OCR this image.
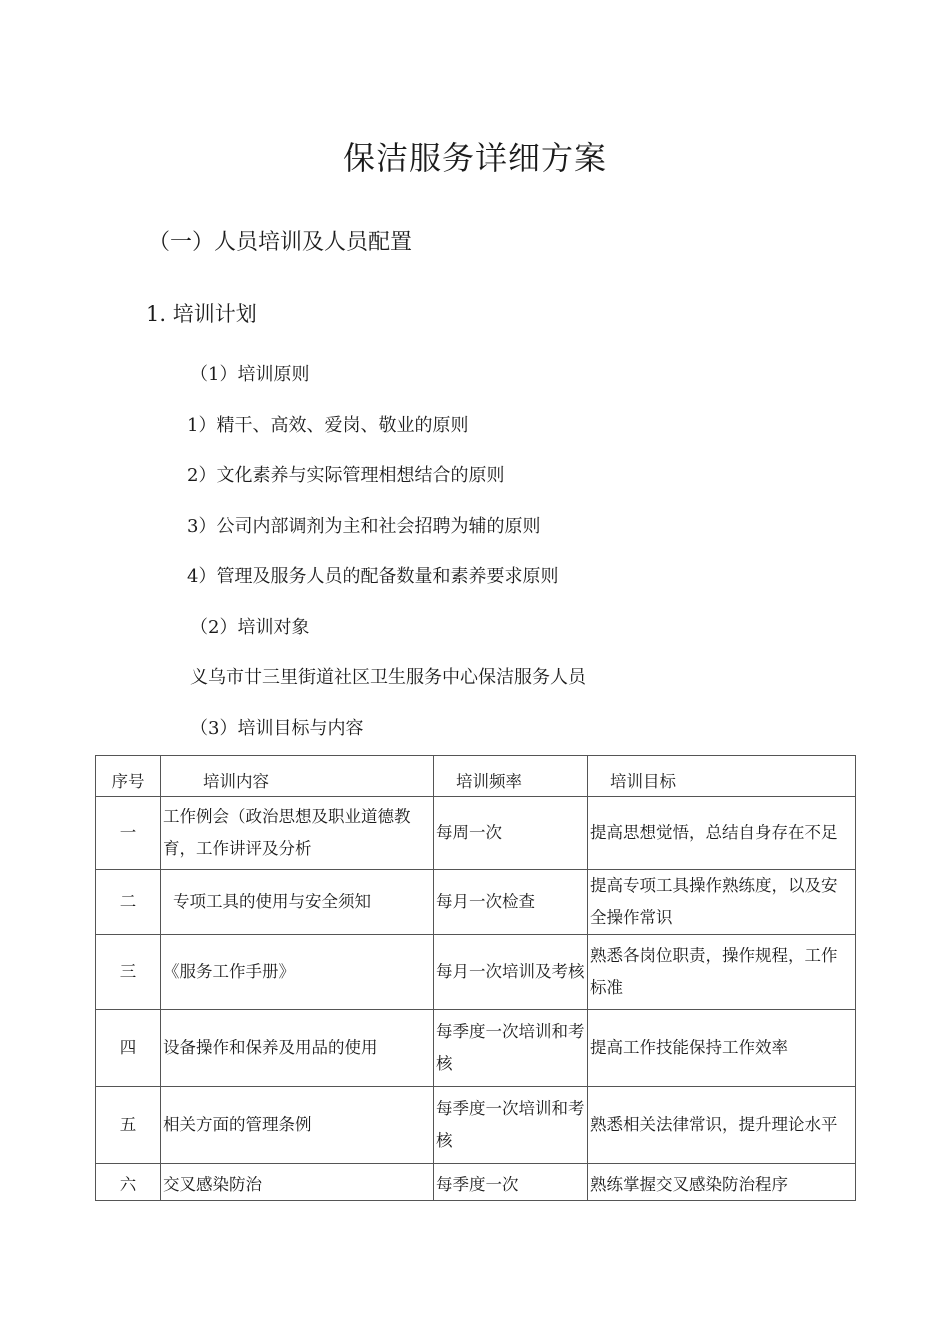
保洁服务详细方案
（一）人员培训及人员配置
1. 培训计划
（1）培训原则
1）精干、高效、爱岗、敬业的原则
2）文化素养与实际管理相想结合的原则
3）公司内部调剂为主和社会招聘为辅的原则
4）管理及服务人员的配备数量和素养要求原则
（2）培训对象
义乌市廿三里街道社区卫生服务中心保洁服务人员
（3）培训目标与内容
序号	培训内容	培训频率	培训目标
一	工作例会（政治思想及职业道德教育，工作讲评及分析	每周一次	提高思想觉悟，总结自身存在不足
二	专项工具的使用与安全须知	每月一次检查	提高专项工具操作熟练度，以及安全操作常识
三	《服务工作手册》	每月一次培训及考核	熟悉各岗位职责，操作规程，工作标准
四	设备操作和保养及用品的使用	每季度一次培训和考核	提高工作技能保持工作效率
五	相关方面的管理条例	每季度一次培训和考核	熟悉相关法律常识，提升理论水平
六	交叉感染防治	每季度一次	熟练掌握交叉感染防治程序
